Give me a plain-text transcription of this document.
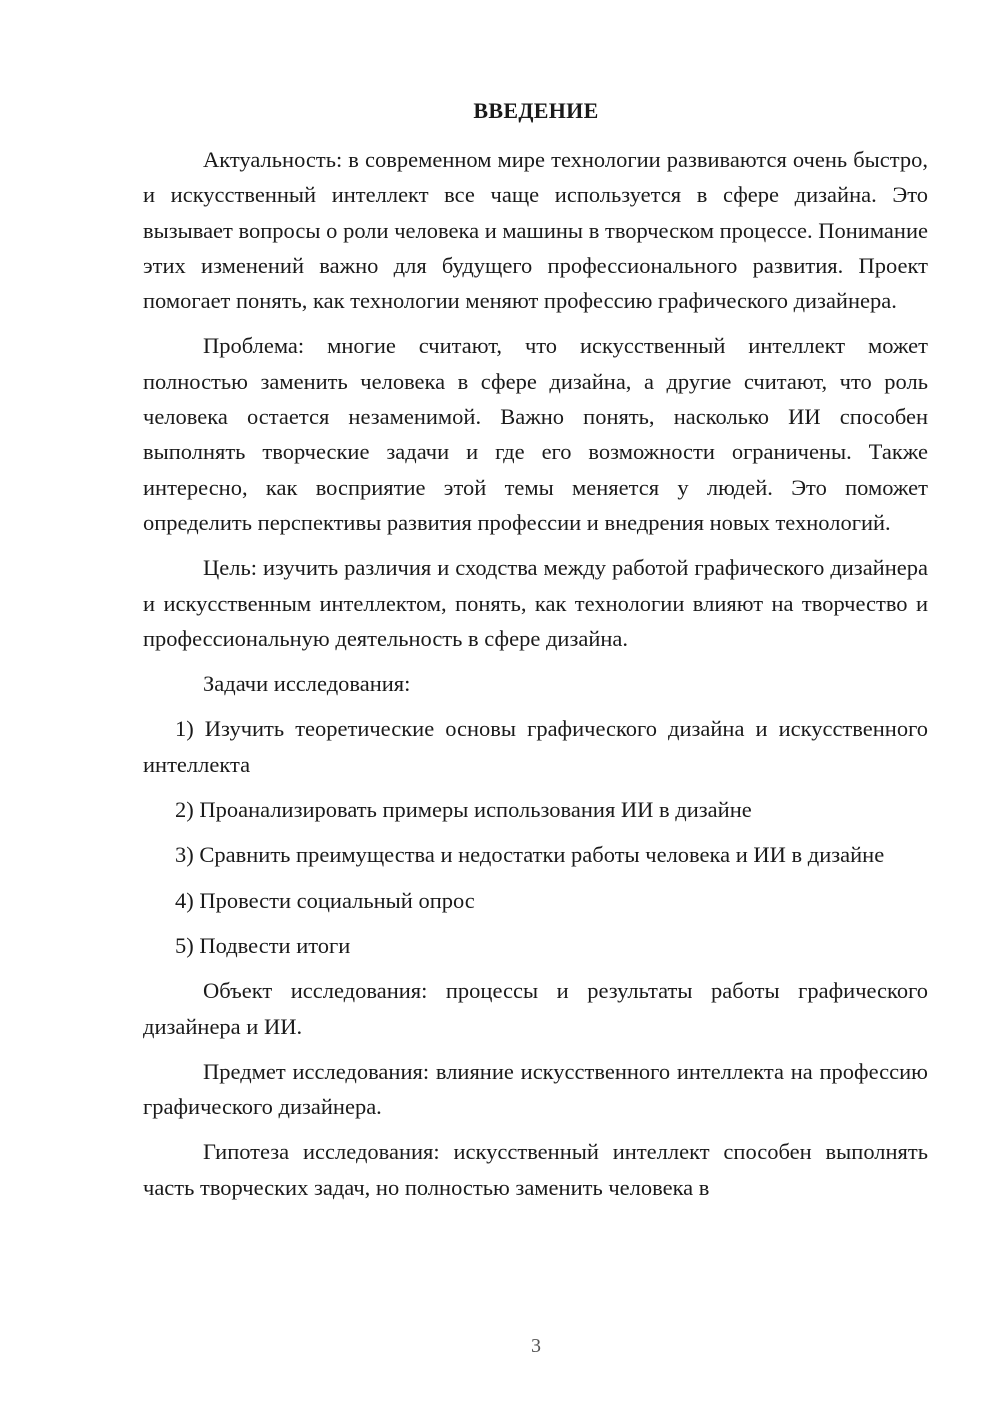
ВВЕДЕНИЕ

Актуальность: в современном мире технологии развиваются очень быстро, и искусственный интеллект все чаще используется в сфере дизайна. Это вызывает вопросы о роли человека и машины в творческом процессе. Понимание этих изменений важно для будущего профессионального развития. Проект помогает понять, как технологии меняют профессию графического дизайнера.

Проблема: многие считают, что искусственный интеллект может полностью заменить человека в сфере дизайна, а другие считают, что роль человека остается незаменимой. Важно понять, насколько ИИ способен выполнять творческие задачи и где его возможности ограничены. Также интересно, как восприятие этой темы меняется у людей. Это поможет определить перспективы развития профессии и внедрения новых технологий.

Цель: изучить различия и сходства между работой графического дизайнера и искусственным интеллектом, понять, как технологии влияют на творчество и профессиональную деятельность в сфере дизайна.

Задачи исследования:

1) Изучить теоретические основы графического дизайна и искусственного интеллекта

2) Проанализировать примеры использования ИИ в дизайне

3) Сравнить преимущества и недостатки работы человека и ИИ в дизайне

4) Провести социальный опрос

5) Подвести итоги

Объект исследования: процессы и результаты работы графического дизайнера и ИИ.

Предмет исследования: влияние искусственного интеллекта на профессию графического дизайнера.

Гипотеза исследования: искусственный интеллект способен выполнять часть творческих задач, но полностью заменить человека в

3
